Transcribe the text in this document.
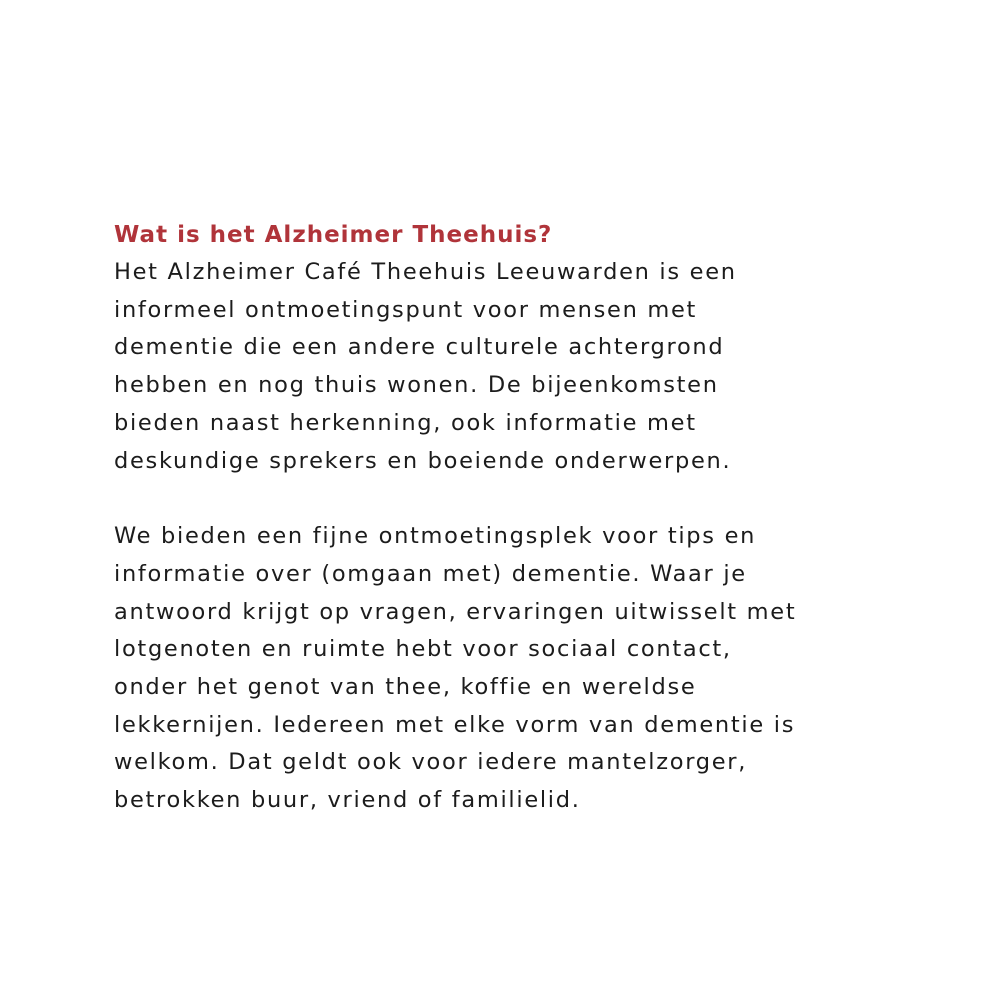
Wat is het Alzheimer Theehuis?

Het Alzheimer Café Theehuis Leeuwarden is een
informeel ontmoetingspunt voor mensen met
dementie die een andere culturele achtergrond
hebben en nog thuis wonen. De bijeenkomsten
bieden naast herkenning, ook informatie met
deskundige sprekers en boeiende onderwerpen.

We bieden een fijne ontmoetingsplek voor tips en
informatie over (omgaan met) dementie. Waar je
antwoord krijgt op vragen, ervaringen uitwisselt met
lotgenoten en ruimte hebt voor sociaal contact,
onder het genot van thee, koffie en wereldse
lekkernijen. Iedereen met elke vorm van dementie is
welkom. Dat geldt ook voor iedere mantelzorger,
betrokken buur, vriend of familielid.
